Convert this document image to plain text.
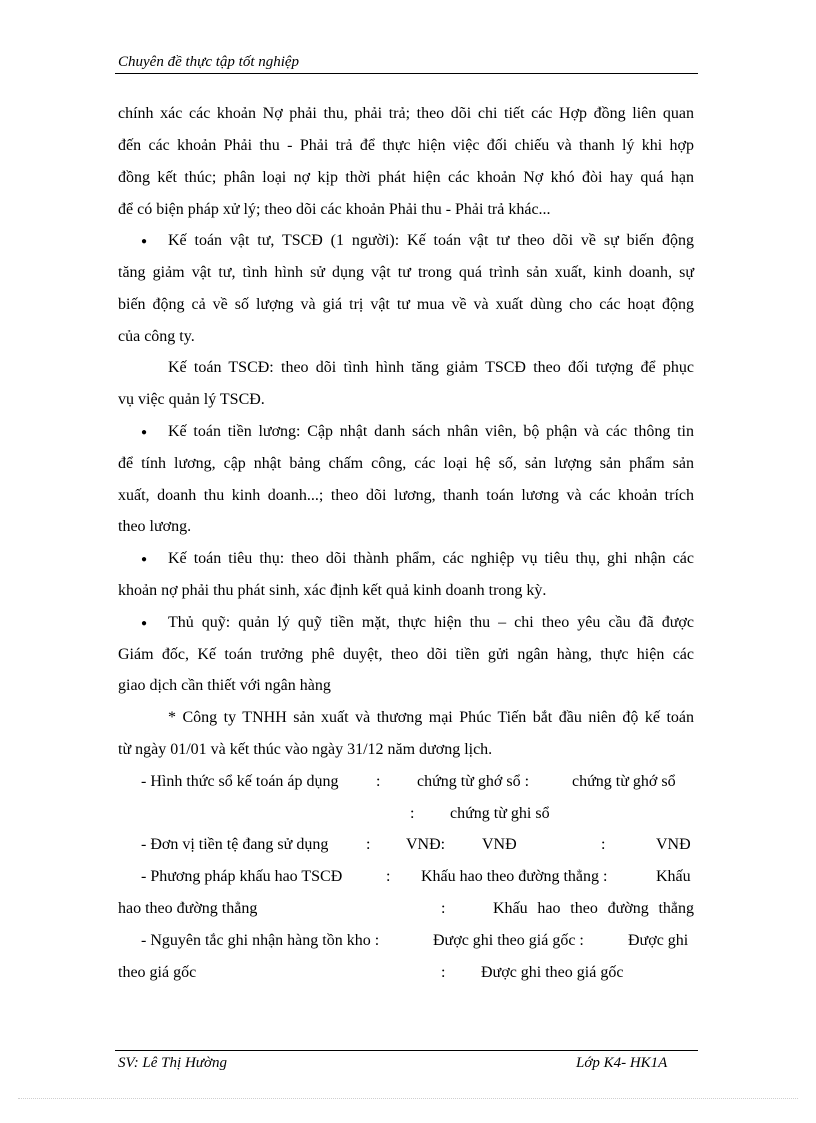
Chuyên đề thực tập tốt nghiệp
chính xác các khoản Nợ phải thu, phải trả; theo dõi chi tiết các Hợp đồng liên quan
đến các khoản Phải thu - Phải trả để thực hiện việc đối chiếu và thanh lý khi hợp
đồng kết thúc; phân loại nợ kịp thời phát hiện các khoản Nợ khó đòi hay quá hạn
để có biện pháp xử lý; theo dõi các khoản Phải thu - Phải trả khác...
●
Kế toán vật tư, TSCĐ (1 người): Kế toán vật tư theo dõi về sự biến động
tăng giảm vật tư, tình hình sử dụng vật tư trong quá trình sản xuất, kinh doanh, sự
biến động cả về số lượng và giá trị vật tư mua về và xuất dùng cho các hoạt động
của công ty.
Kế toán TSCĐ: theo dõi tình hình tăng giảm TSCĐ theo đối tượng để phục
vụ việc quản lý TSCĐ.
●
Kế toán tiền lương: Cập nhật danh sách nhân viên, bộ phận và các thông tin
để tính lương, cập nhật bảng chấm công, các loại hệ số, sản lượng sản phẩm sản
xuất, doanh thu kinh doanh...; theo dõi lương, thanh toán lương và các khoản trích
theo lương.
●
Kế toán tiêu thụ: theo dõi thành phẩm, các nghiệp vụ tiêu thụ, ghi nhận các
khoản nợ phải thu phát sinh, xác định kết quả kinh doanh trong kỳ.
●
Thủ quỹ: quản lý quỹ tiền mặt, thực hiện thu – chi theo yêu cầu đã được
Giám đốc, Kế toán trưởng phê duyệt, theo dõi tiền gửi ngân hàng, thực hiện các
giao dịch cần thiết với ngân hàng
* Công ty TNHH sản xuất và thương mại Phúc Tiến bắt đầu niên độ kế toán
từ ngày 01/01 và kết thúc vào ngày 31/12 năm dương lịch.
- Hình thức sổ kế toán áp dụng : chứng từ ghớ sổ :	chứng từ ghớ sổ
: chứng từ ghi sổ
- Đơn vị tiền tệ đang sử dụng : VNĐ: VNĐ	:	VNĐ
- Phương pháp khấu hao TSCĐ	: Khấu hao theo đường thẳng :	Khấu
hao theo đường thẳng	:	Khấu hao theo đường thẳng
- Nguyên tắc ghi nhận hàng tồn kho :	Được ghi theo giá gốc :	Được ghi
theo giá gốc	: Được ghi theo giá gốc
SV: Lê Thị Hường	Lớp K4- HK1A
